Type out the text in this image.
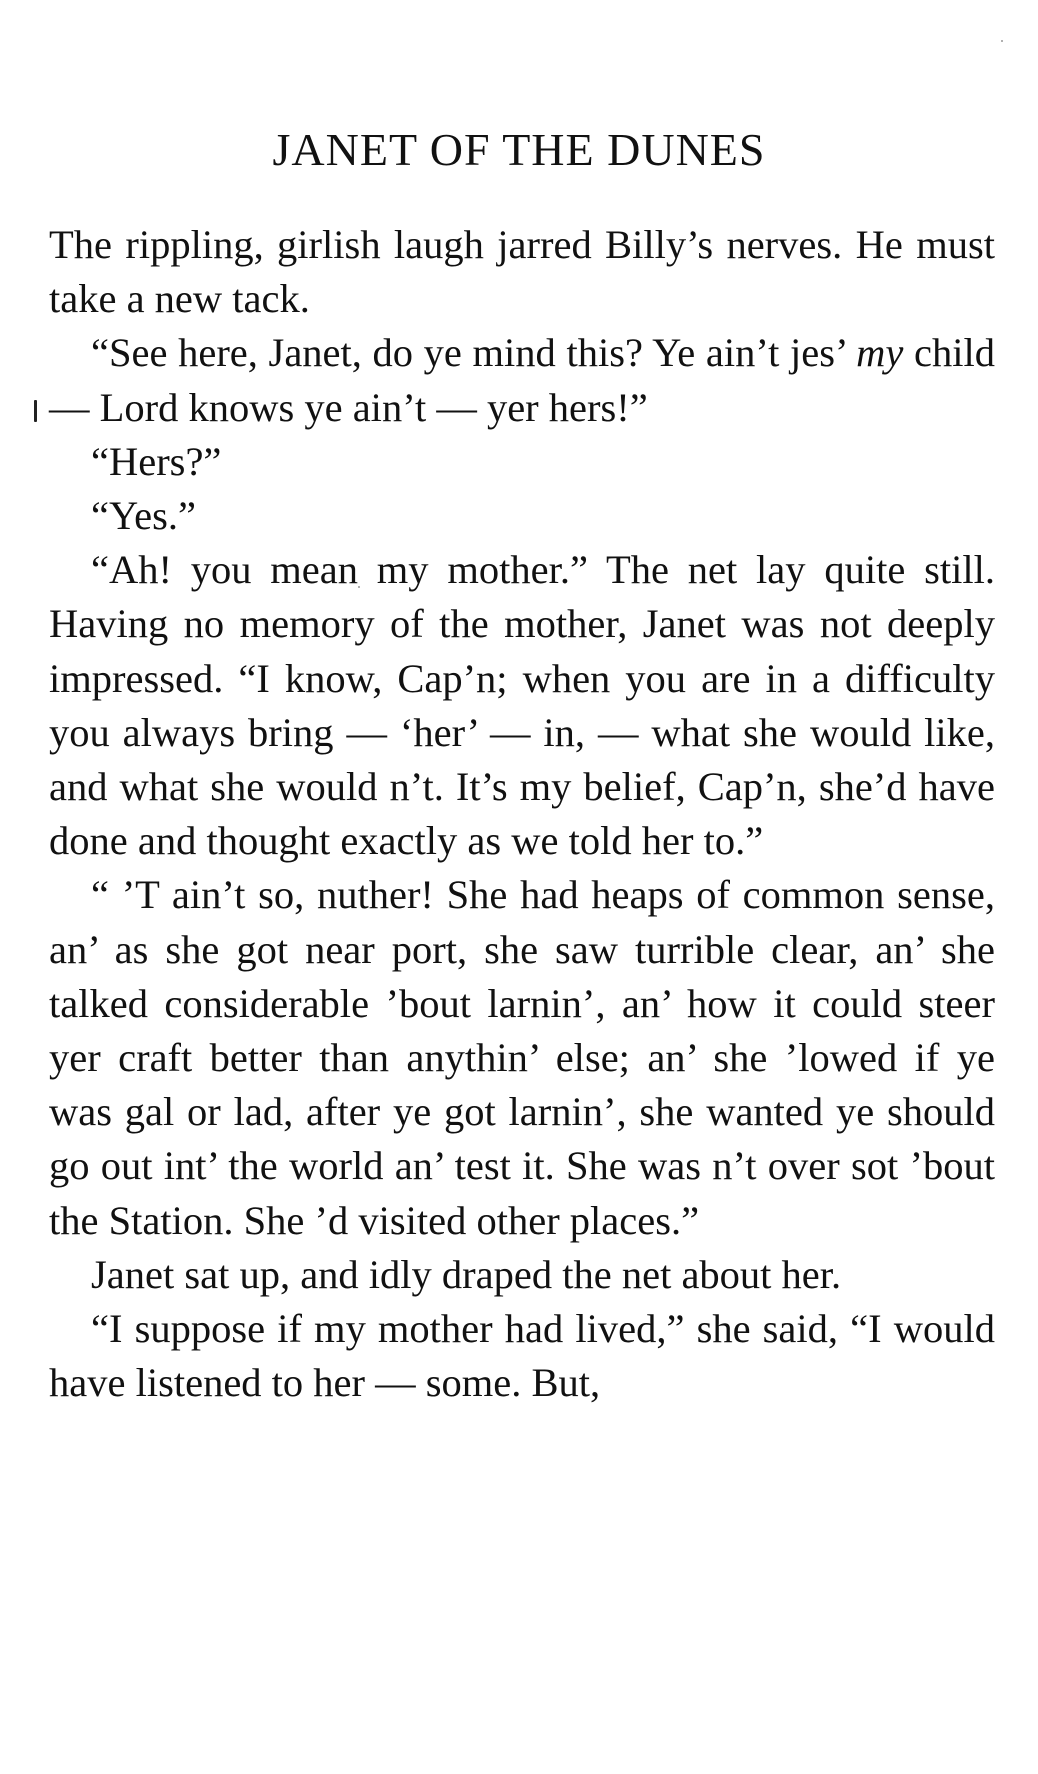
JANET OF THE DUNES

The rippling, girlish laugh jarred Billy’s nerves. He must take a new tack.

“See here, Janet, do ye mind this? Ye ain’t jes’ my child — Lord knows ye ain’t — yer hers!”

“Hers?”

“Yes.”

“Ah! you mean my mother.” The net lay quite still. Having no memory of the mother, Janet was not deeply impressed. “I know, Cap’n; when you are in a difficulty you always bring — ‘her’ — in, — what she would like, and what she would n’t. It’s my belief, Cap’n, she’d have done and thought exactly as we told her to.”

“ ’T ain’t so, nuther! She had heaps of common sense, an’ as she got near port, she saw turrible clear, an’ she talked considerable ’bout larnin’, an’ how it could steer yer craft better than anythin’ else; an’ she ’lowed if ye was gal or lad, after ye got larnin’, she wanted ye should go out int’ the world an’ test it. She was n’t over sot ’bout the Station. She ’d visited other places.”

Janet sat up, and idly draped the net about her.

“I suppose if my mother had lived,” she said, “I would have listened to her — some. But,
